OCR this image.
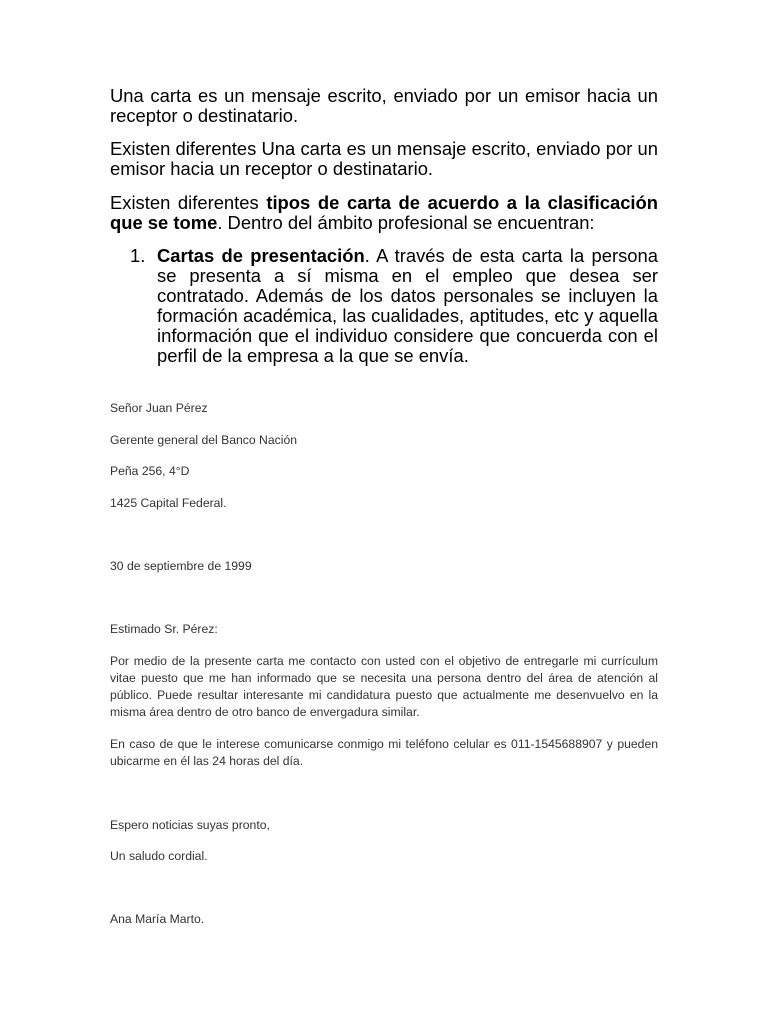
Una carta es un mensaje escrito, enviado por un emisor hacia un receptor o destinatario.

Existen diferentes Una carta es un mensaje escrito, enviado por un emisor hacia un receptor o destinatario.

Existen diferentes tipos de carta de acuerdo a la clasificación que se tome. Dentro del ámbito profesional se encuentran:

1. Cartas de presentación. A través de esta carta la persona se presenta a sí misma en el empleo que desea ser contratado. Además de los datos personales se incluyen la formación académica, las cualidades, aptitudes, etc y aquella información que el individuo considere que concuerda con el perfil de la empresa a la que se envía.

Señor Juan Pérez

Gerente general del Banco Nación

Peña 256, 4°D

1425 Capital Federal.

30 de septiembre de 1999

Estimado Sr. Pérez:

Por medio de la presente carta me contacto con usted con el objetivo de entregarle mi currículum vitae puesto que me han informado que se necesita una persona dentro del área de atención al público. Puede resultar interesante mi candidatura puesto que actualmente me desenvuelvo en la misma área dentro de otro banco de envergadura similar.

En caso de que le interese comunicarse conmigo mi teléfono celular es 011-1545688907 y pueden ubicarme en él las 24 horas del día.

Espero noticias suyas pronto,

Un saludo cordial.

Ana María Marto.
